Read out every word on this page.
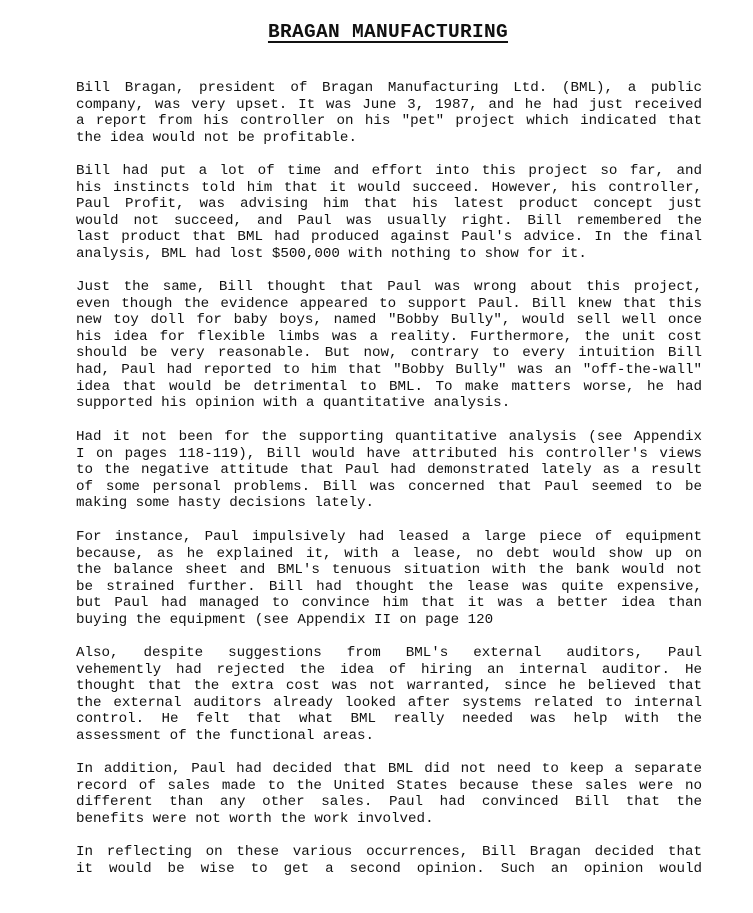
BRAGAN MANUFACTURING

Bill Bragan, president of Bragan Manufacturing Ltd. (BML), a public
company, was very upset. It was June 3, 1987, and he had just received
a report from his controller on his "pet" project which indicated that
the idea would not be profitable.

Bill had put a lot of time and effort into this project so far, and
his instincts told him that it would succeed. However, his controller,
Paul Profit, was advising him that his latest product concept just
would not succeed, and Paul was usually right. Bill remembered the
last product that BML had produced against Paul's advice. In the final
analysis, BML had lost $500,000 with nothing to show for it.

Just the same, Bill thought that Paul was wrong about this project,
even though the evidence appeared to support Paul. Bill knew that this
new toy doll for baby boys, named "Bobby Bully", would sell well once
his idea for flexible limbs was a reality. Furthermore, the unit cost
should be very reasonable. But now, contrary to every intuition Bill
had, Paul had reported to him that "Bobby Bully" was an "off-the-wall"
idea that would be detrimental to BML. To make matters worse, he had
supported his opinion with a quantitative analysis.

Had it not been for the supporting quantitative analysis (see Appendix
I on pages 118-119), Bill would have attributed his controller's views
to the negative attitude that Paul had demonstrated lately as a result
of some personal problems. Bill was concerned that Paul seemed to be
making some hasty decisions lately.

For instance, Paul impulsively had leased a large piece of equipment
because, as he explained it, with a lease, no debt would show up on
the balance sheet and BML's tenuous situation with the bank would not
be strained further. Bill had thought the lease was quite expensive,
but Paul had managed to convince him that it was a better idea than
buying the equipment (see Appendix II on page 120

Also, despite suggestions from BML's external auditors, Paul
vehemently had rejected the idea of hiring an internal auditor. He
thought that the extra cost was not warranted, since he believed that
the external auditors already looked after systems related to internal
control. He felt that what BML really needed was help with the
assessment of the functional areas.

In addition, Paul had decided that BML did not need to keep a separate
record of sales made to the United States because these sales were no
different than any other sales. Paul had convinced Bill that the
benefits were not worth the work involved.

In reflecting on these various occurrences, Bill Bragan decided that
it would be wise to get a second opinion. Such an opinion would
